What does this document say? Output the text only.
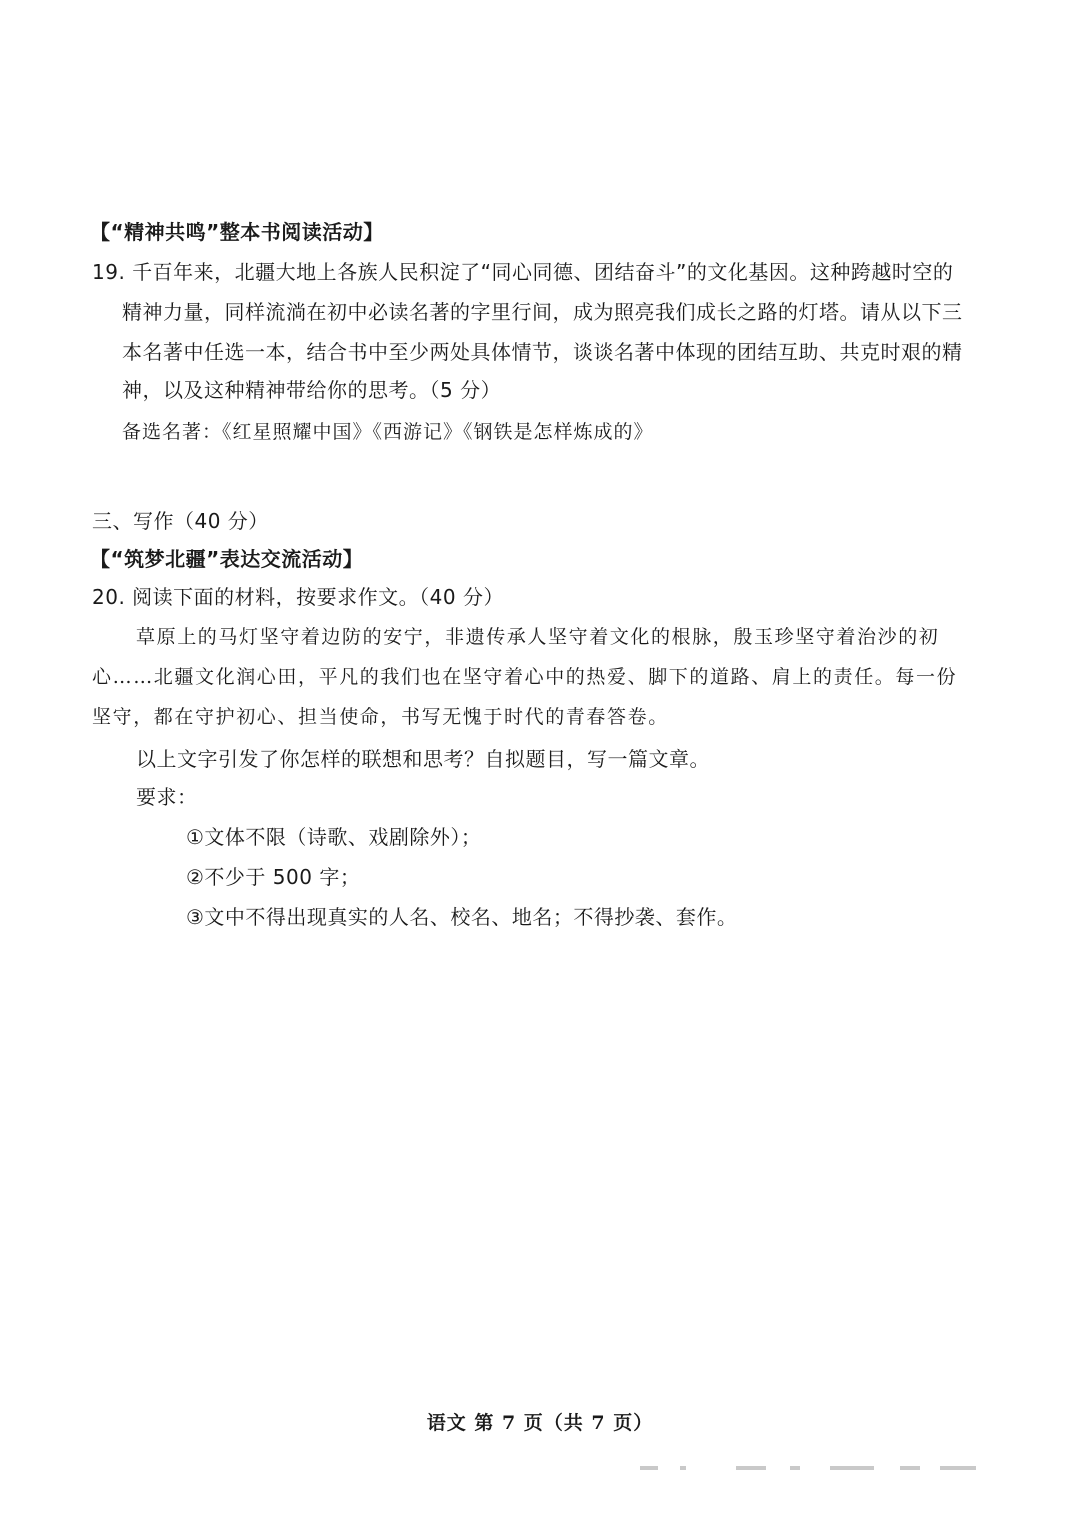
【“精神共鸣”整本书阅读活动】
19. 千百年来，北疆大地上各族人民积淀了“同心同德、团结奋斗”的文化基因。这种跨越时空的
精神力量，同样流淌在初中必读名著的字里行间，成为照亮我们成长之路的灯塔。请从以下三
本名著中任选一本，结合书中至少两处具体情节，谈谈名著中体现的团结互助、共克时艰的精
神，以及这种精神带给你的思考。（5 分）
备选名著：《红星照耀中国》《西游记》《钢铁是怎样炼成的》
三、写作（40 分）
【“筑梦北疆”表达交流活动】
20. 阅读下面的材料，按要求作文。（40 分）
草原上的马灯坚守着边防的安宁，非遗传承人坚守着文化的根脉，殷玉珍坚守着治沙的初
心……北疆文化润心田，平凡的我们也在坚守着心中的热爱、脚下的道路、肩上的责任。每一份
坚守，都在守护初心、担当使命，书写无愧于时代的青春答卷。
以上文字引发了你怎样的联想和思考？自拟题目，写一篇文章。
要求：
①文体不限（诗歌、戏剧除外）；
②不少于 500 字；
③文中不得出现真实的人名、校名、地名；不得抄袭、套作。
语文 第 7 页（共 7 页）
